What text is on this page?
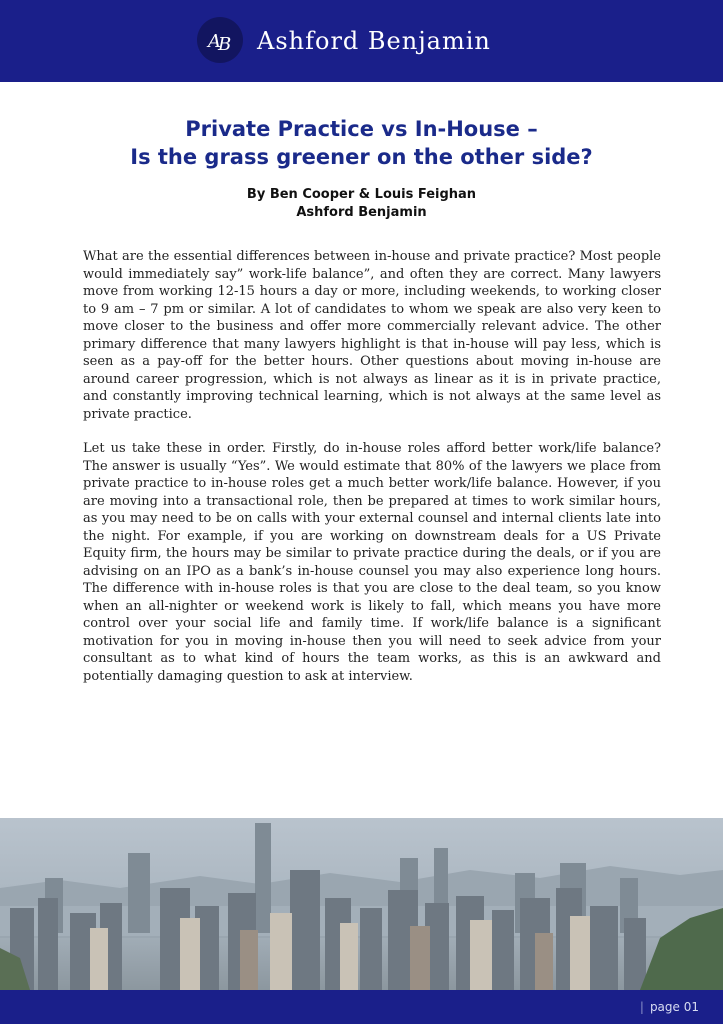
A
B Ashford Benjamin
Private Practice vs In-House –
Is the grass greener on the other side?
By Ben Cooper & Louis Feighan
Ashford Benjamin

What are the essential differences between in-house and private practice? Most people would immediately say” work-life balance”, and often they are correct. Many lawyers move from working 12-15 hours a day or more, including weekends, to working closer to 9 am – 7 pm or similar. A lot of candidates to whom we speak are also very keen to move closer to the business and offer more commercially relevant advice. The other primary difference that many lawyers highlight is that in-house will pay less, which is seen as a pay-off for the better hours. Other questions about moving in-house are around career progression, which is not always as linear as it is in private practice, and constantly improving technical learning, which is not always at the same level as private practice.

Let us take these in order. Firstly, do in-house roles afford better work/life balance? The answer is usually “Yes”. We would estimate that 80% of the lawyers we place from private practice to in-house roles get a much better work/life balance. However, if you are moving into a transactional role, then be prepared at times to work similar hours, as you may need to be on calls with your external counsel and internal clients late into the night. For example, if you are working on downstream deals for a US Private Equity firm, the hours may be similar to private practice during the deals, or if you are advising on an IPO as a bank’s in-house counsel you may also experience long hours. The difference with in-house roles is that you are close to the deal team, so you know when an all-nighter or weekend work is likely to fall, which means you have more control over your social life and family time. If work/life balance is a significant motivation for you in moving in-house then you will need to seek advice from your consultant as to what kind of hours the team works, as this is an awkward and potentially damaging question to ask at interview.

| page 01
